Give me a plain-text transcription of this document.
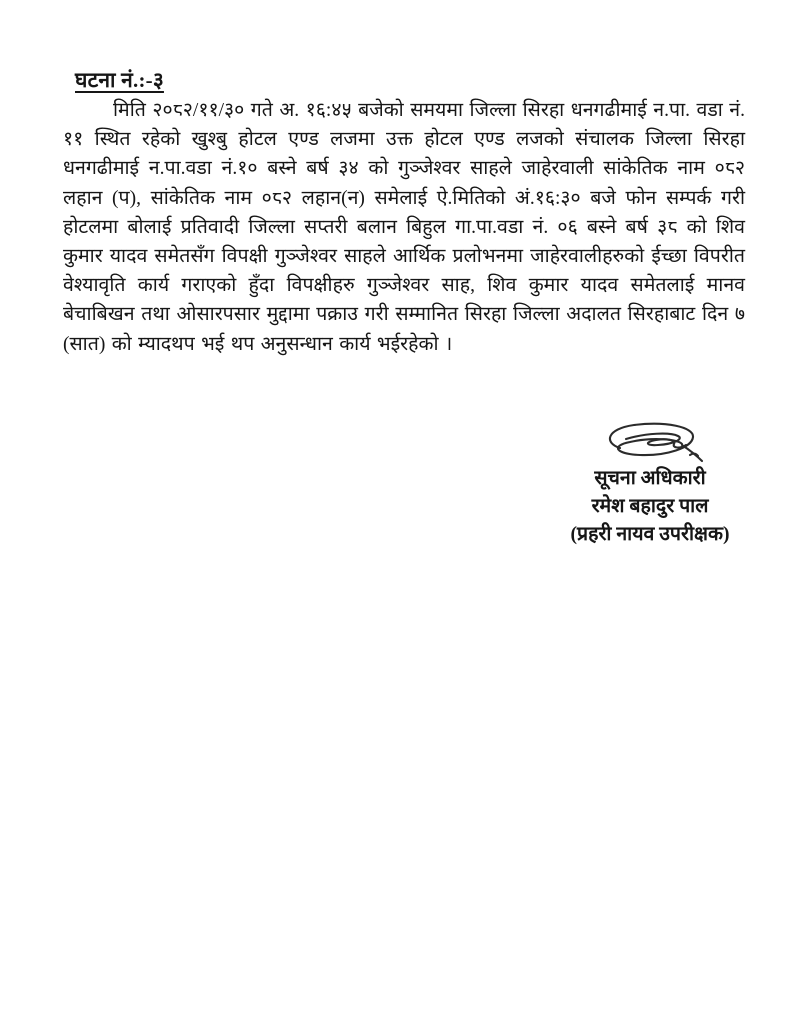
घटना नं.:-३
मिति २०८२/११/३० गते अ. १६:४५ बजेको समयमा जिल्ला सिरहा धनगढीमाई न.पा. वडा नं. ११ स्थित रहेको खुश्बु होटल एण्ड लजमा उक्त होटल एण्ड लजको संचालक जिल्ला सिरहा धनगढीमाई न.पा.वडा नं.१० बस्ने बर्ष ३४ को गुञ्जेश्वर साहले जाहेरवाली सांकेतिक नाम ०८२ लहान (प), सांकेतिक नाम ०८२ लहान(न) समेलाई ऐ.मितिको अं.१६:३० बजे फोन सम्पर्क गरी होटलमा बोलाई प्रतिवादी जिल्ला सप्तरी बलान बिहुल गा.पा.वडा नं. ०६ बस्ने बर्ष ३८ को शिव कुमार यादव समेतसँग विपक्षी गुञ्जेश्वर साहले आर्थिक प्रलोभनमा जाहेरवालीहरुको ईच्छा विपरीत वेश्यावृति कार्य गराएको हुँदा विपक्षीहरु गुञ्जेश्वर साह, शिव कुमार यादव समेतलाई मानव बेचाबिखन तथा ओसारपसार मुद्दामा पक्राउ गरी सम्मानित सिरहा जिल्ला अदालत सिरहाबाट दिन ७ (सात) को म्यादथप भई थप अनुसन्धान कार्य भईरहेको ।
सूचना अधिकारी
रमेश बहादुर पाल
(प्रहरी नायव उपरीक्षक)
